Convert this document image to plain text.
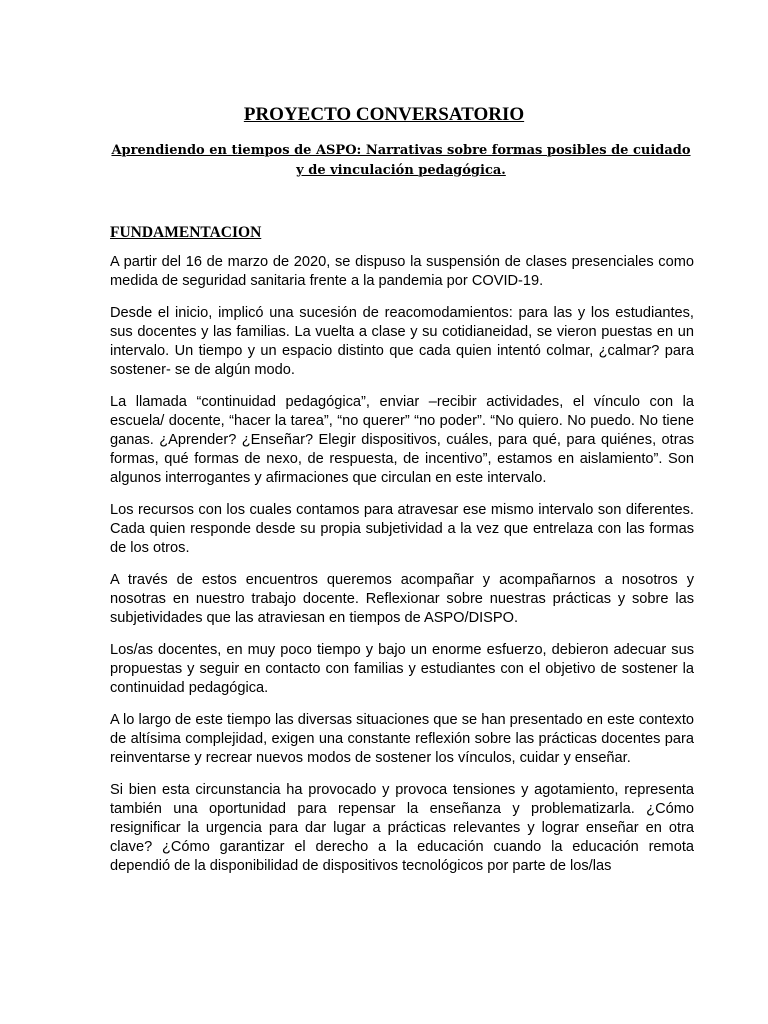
PROYECTO CONVERSATORIO
Aprendiendo en tiempos de ASPO: Narrativas sobre formas posibles de cuidado y de vinculación pedagógica.
FUNDAMENTACION

A partir del 16 de marzo de 2020, se dispuso la suspensión de clases presenciales como medida de seguridad sanitaria frente a la pandemia por COVID-19.

Desde el inicio, implicó una sucesión de reacomodamientos: para las y los estudiantes, sus docentes y las familias. La vuelta a clase y su cotidianeidad, se vieron puestas en un intervalo. Un tiempo y un espacio distinto que cada quien intentó colmar, ¿calmar? para sostener- se de algún modo.

La llamada “continuidad pedagógica”, enviar –recibir actividades, el vínculo con la escuela/ docente, “hacer la tarea”, “no querer” “no poder”. “No quiero. No puedo. No tiene ganas. ¿Aprender? ¿Enseñar? Elegir dispositivos, cuáles, para qué, para quiénes, otras formas, qué formas de nexo, de respuesta, de incentivo”, estamos en aislamiento”. Son algunos interrogantes y afirmaciones que circulan en este intervalo.

Los recursos con los cuales contamos para atravesar ese mismo intervalo son diferentes. Cada quien responde desde su propia subjetividad a la vez que entrelaza con las formas de los otros.

A través de estos encuentros queremos acompañar y acompañarnos a nosotros y nosotras en nuestro trabajo docente. Reflexionar sobre nuestras prácticas y sobre las subjetividades que las atraviesan en tiempos de ASPO/DISPO.

Los/as docentes, en muy poco tiempo y bajo un enorme esfuerzo, debieron adecuar sus propuestas y seguir en contacto con familias y estudiantes con el objetivo de sostener la continuidad pedagógica.

A lo largo de este tiempo las diversas situaciones que se han presentado en este contexto de altísima complejidad, exigen una constante reflexión sobre las prácticas docentes para reinventarse y recrear nuevos modos de sostener los vínculos, cuidar y enseñar.

Si bien esta circunstancia ha provocado y provoca tensiones y agotamiento, representa también una oportunidad para repensar la enseñanza y problematizarla. ¿Cómo resignificar la urgencia para dar lugar a prácticas relevantes y lograr enseñar en otra clave? ¿Cómo garantizar el derecho a la educación cuando la educación remota dependió de la disponibilidad de dispositivos tecnológicos por parte de los/las
